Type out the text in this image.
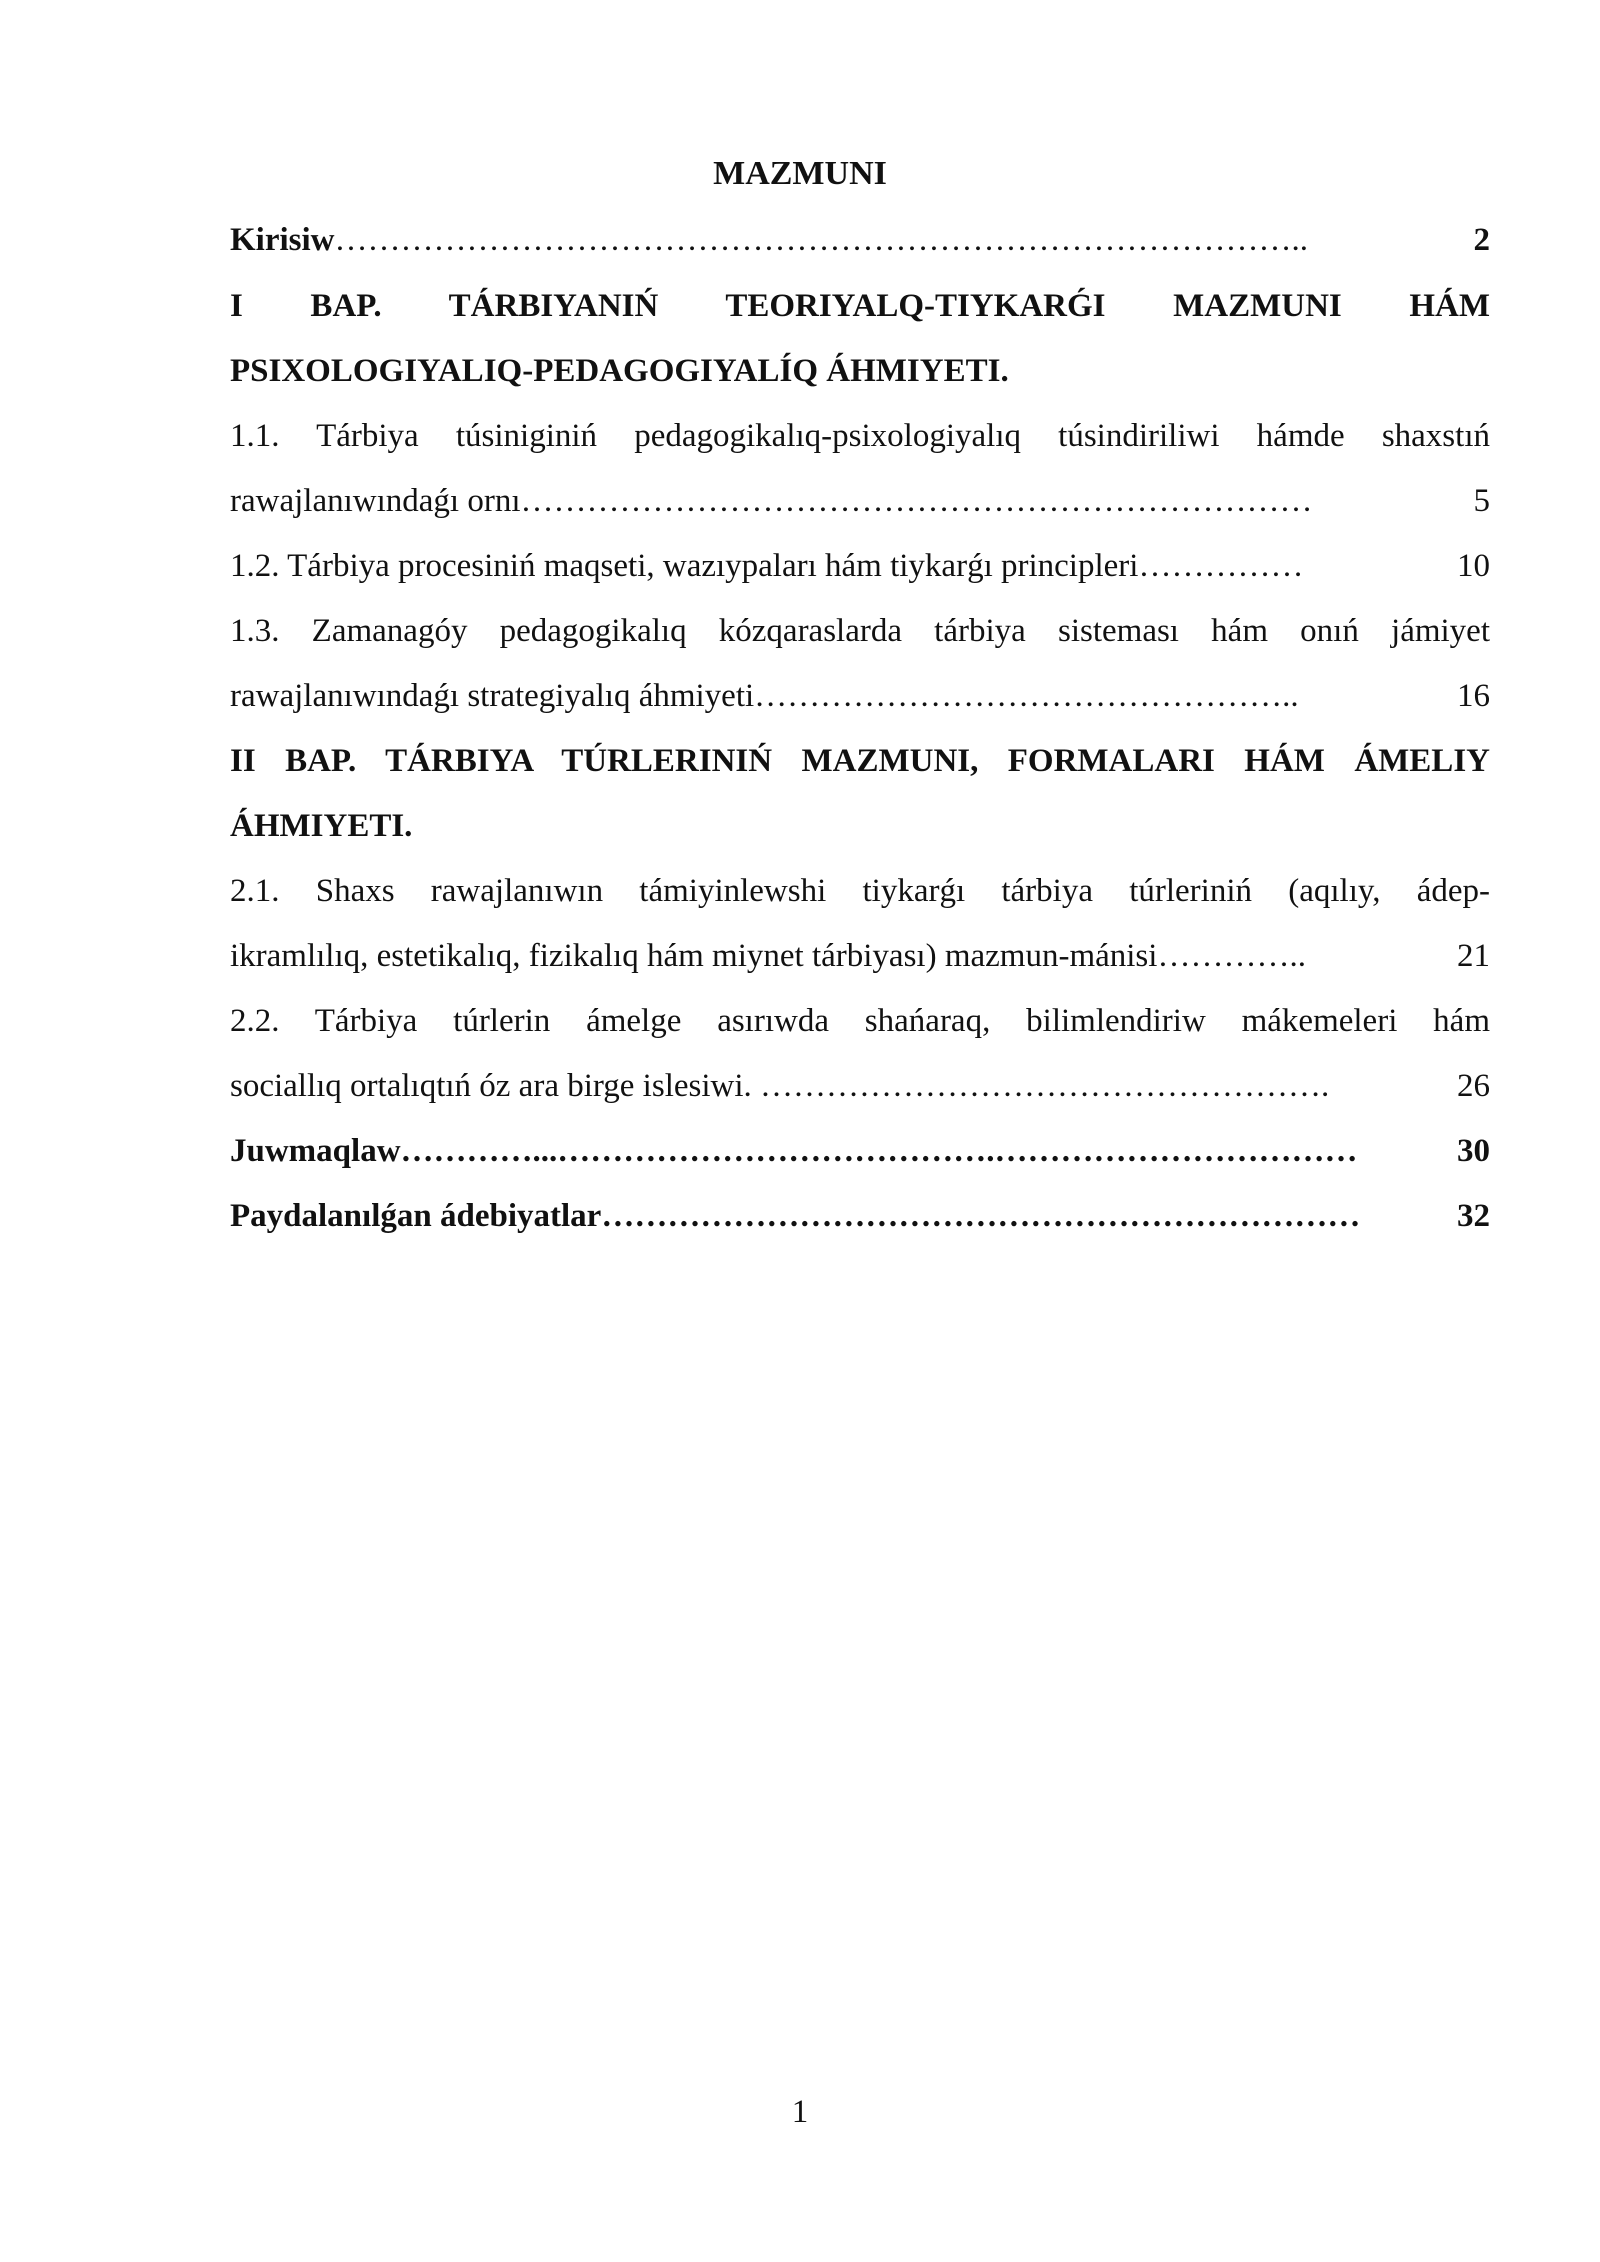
MAZMUNI
Kirisiw ……………………………………………………………………………..	2
I BAP. TÁRBIYANIŃ TEORIYALQ-TIYKARǴI MAZMUNI HÁM
PSIXOLOGIYALIQ-PEDAGOGIYALÍQ ÁHMIYETI.
1.1. Tárbiya túsiniginiń pedagogikalıq-psixologiyalıq túsindiriliwi hámde shaxstıń
rawajlanıwındaǵı ornı ………………………………………………………………	5
1.2. Tárbiya procesiniń maqseti, wazıypaları hám tiykarǵı principleri ……………	10
1.3. Zamanagóy pedagogikalıq kózqaraslarda tárbiya sisteması hám onıń jámiyet
rawajlanıwındaǵı strategiyalıq áhmiyeti …………………………………………..	16
II BAP. TÁRBIYA TÚRLERINIŃ MAZMUNI, FORMALARI HÁM ÁMELIY
ÁHMIYETI.
2.1. Shaxs rawajlanıwın támiyinlewshi tiykarǵı tárbiya túrleriniń (aqılıy, ádep-
ikramlılıq, estetikalıq, fizikalıq hám miynet tárbiyası) mazmun-mánisi …………..	21
2.2. Tárbiya túrlerin ámelge asırıwda shańaraq, bilimlendiriw mákemeleri hám
sociallıq ortalıqtıń óz ara birge islesiwi. …………………………………………….	26
Juwmaqlaw …………...………………………………….……………………………	30
Paydalanılǵan ádebiyatlar ……………………………………………………………	32
1
